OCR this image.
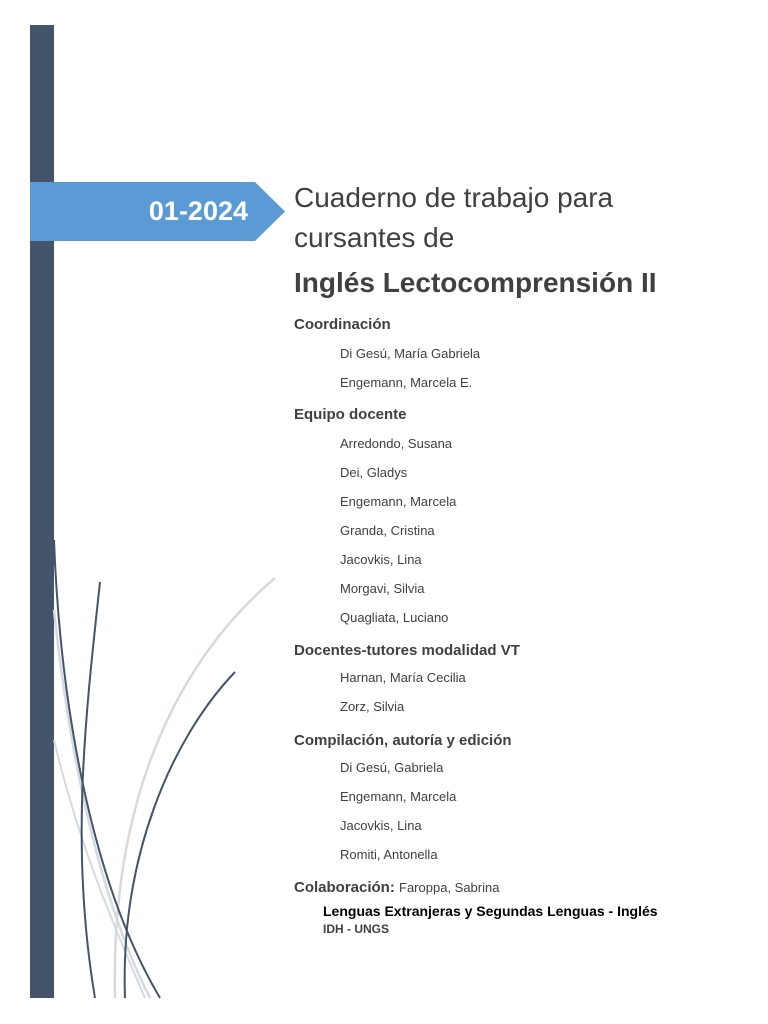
01-2024 Cuaderno de trabajo para
cursantes de
Inglés Lectocomprensión II
Coordinación
Di Gesú, María Gabriela
Engemann, Marcela E.
Equipo docente
Arredondo, Susana
Dei, Gladys
Engemann, Marcela
Granda, Cristina
Jacovkis, Lina
Morgavi, Silvia
Quagliata, Luciano
Docentes-tutores modalidad VT
Harnan, María Cecilia
Zorz, Silvia
Compilación, autoría y edición
Di Gesú, Gabriela
Engemann, Marcela
Jacovkis, Lina
Romiti, Antonella
Colaboración: Faroppa, Sabrina
Lenguas Extranjeras y Segundas Lenguas - Inglés
IDH - UNGS
